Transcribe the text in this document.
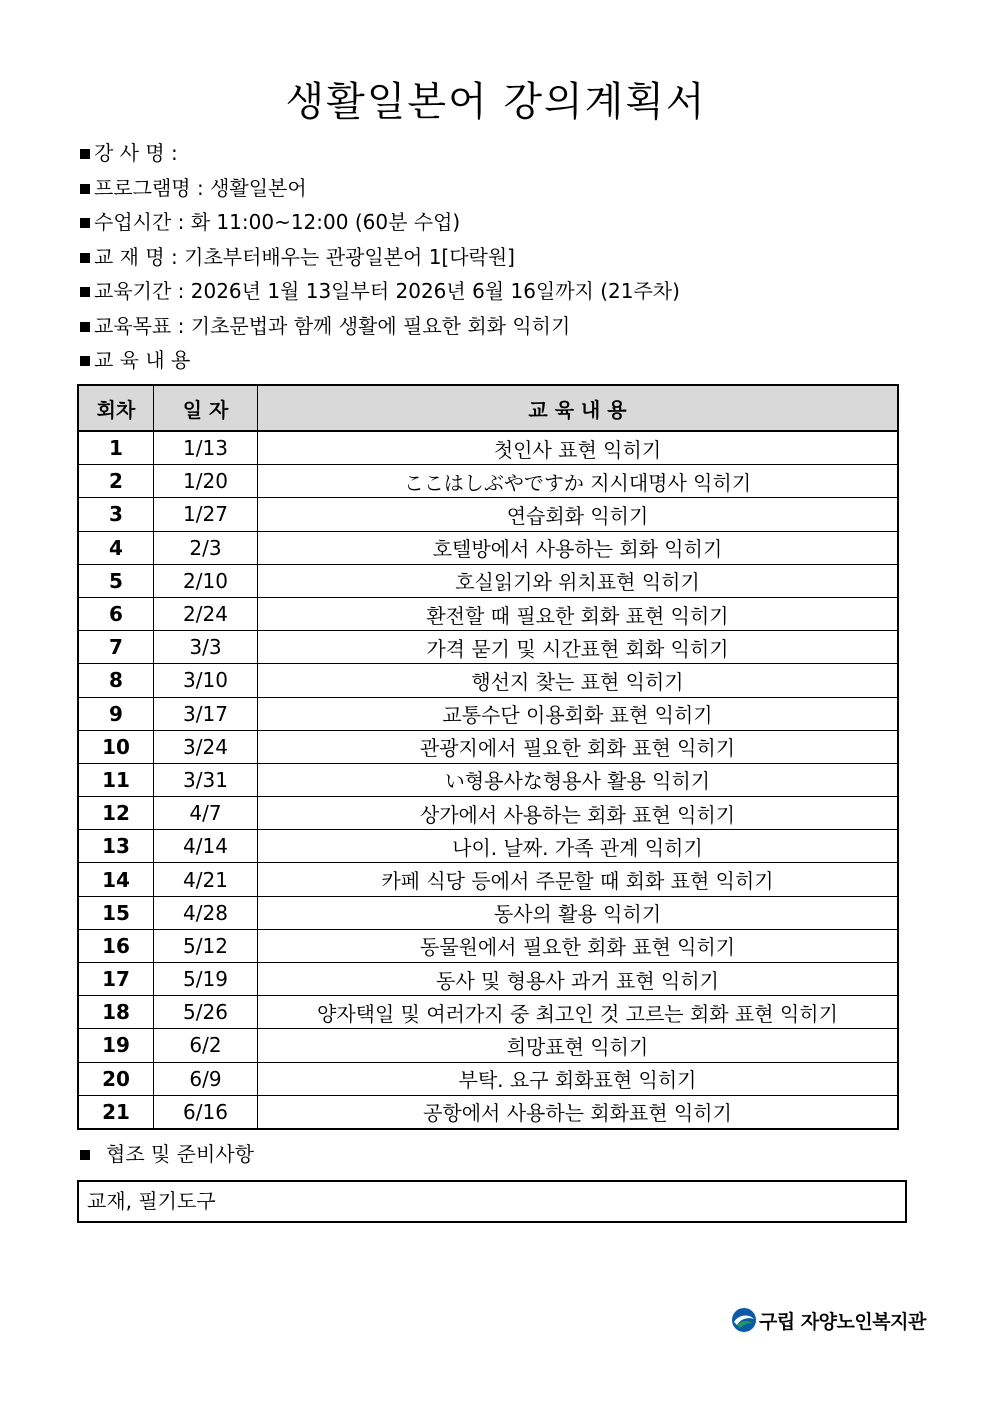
생활일본어 강의계획서
강 사 명 :
프로그램명 : 생활일본어
수업시간 : 화 11:00~12:00 (60분 수업)
교 재 명 : 기초부터배우는 관광일본어 1[다락원]
교육기간 : 2026년 1월 13일부터 2026년 6월 16일까지 (21주차)
교육목표 : 기초문법과 함께 생활에 필요한 회화 익히기
교 육 내 용
회차	일 자	교 육 내 용
1	1/13	첫인사 표현 익히기
2	1/20	ここはしぶやですか 지시대명사 익히기
3	1/27	연습회화 익히기
4	2/3	호텔방에서 사용하는 회화 익히기
5	2/10	호실읽기와 위치표현 익히기
6	2/24	환전할 때 필요한 회화 표현 익히기
7	3/3	가격 묻기 및 시간표현 회화 익히기
8	3/10	행선지 찾는 표현 익히기
9	3/17	교통수단 이용회화 표현 익히기
10	3/24	관광지에서 필요한 회화 표현 익히기
11	3/31	い형용사な형용사 활용 익히기
12	4/7	상가에서 사용하는 회화 표현 익히기
13	4/14	나이. 날짜. 가족 관계 익히기
14	4/21	카페 식당 등에서 주문할 때 회화 표현 익히기
15	4/28	동사의 활용 익히기
16	5/12	동물원에서 필요한 회화 표현 익히기
17	5/19	동사 및 형용사 과거 표현 익히기
18	5/26	양자택일 및 여러가지 중 최고인 것 고르는 회화 표현 익히기
19	6/2	희망표현 익히기
20	6/9	부탁. 요구 회화표현 익히기
21	6/16	공항에서 사용하는 회화표현 익히기
협조 및 준비사항
교재, 필기도구
구립 자양노인복지관
